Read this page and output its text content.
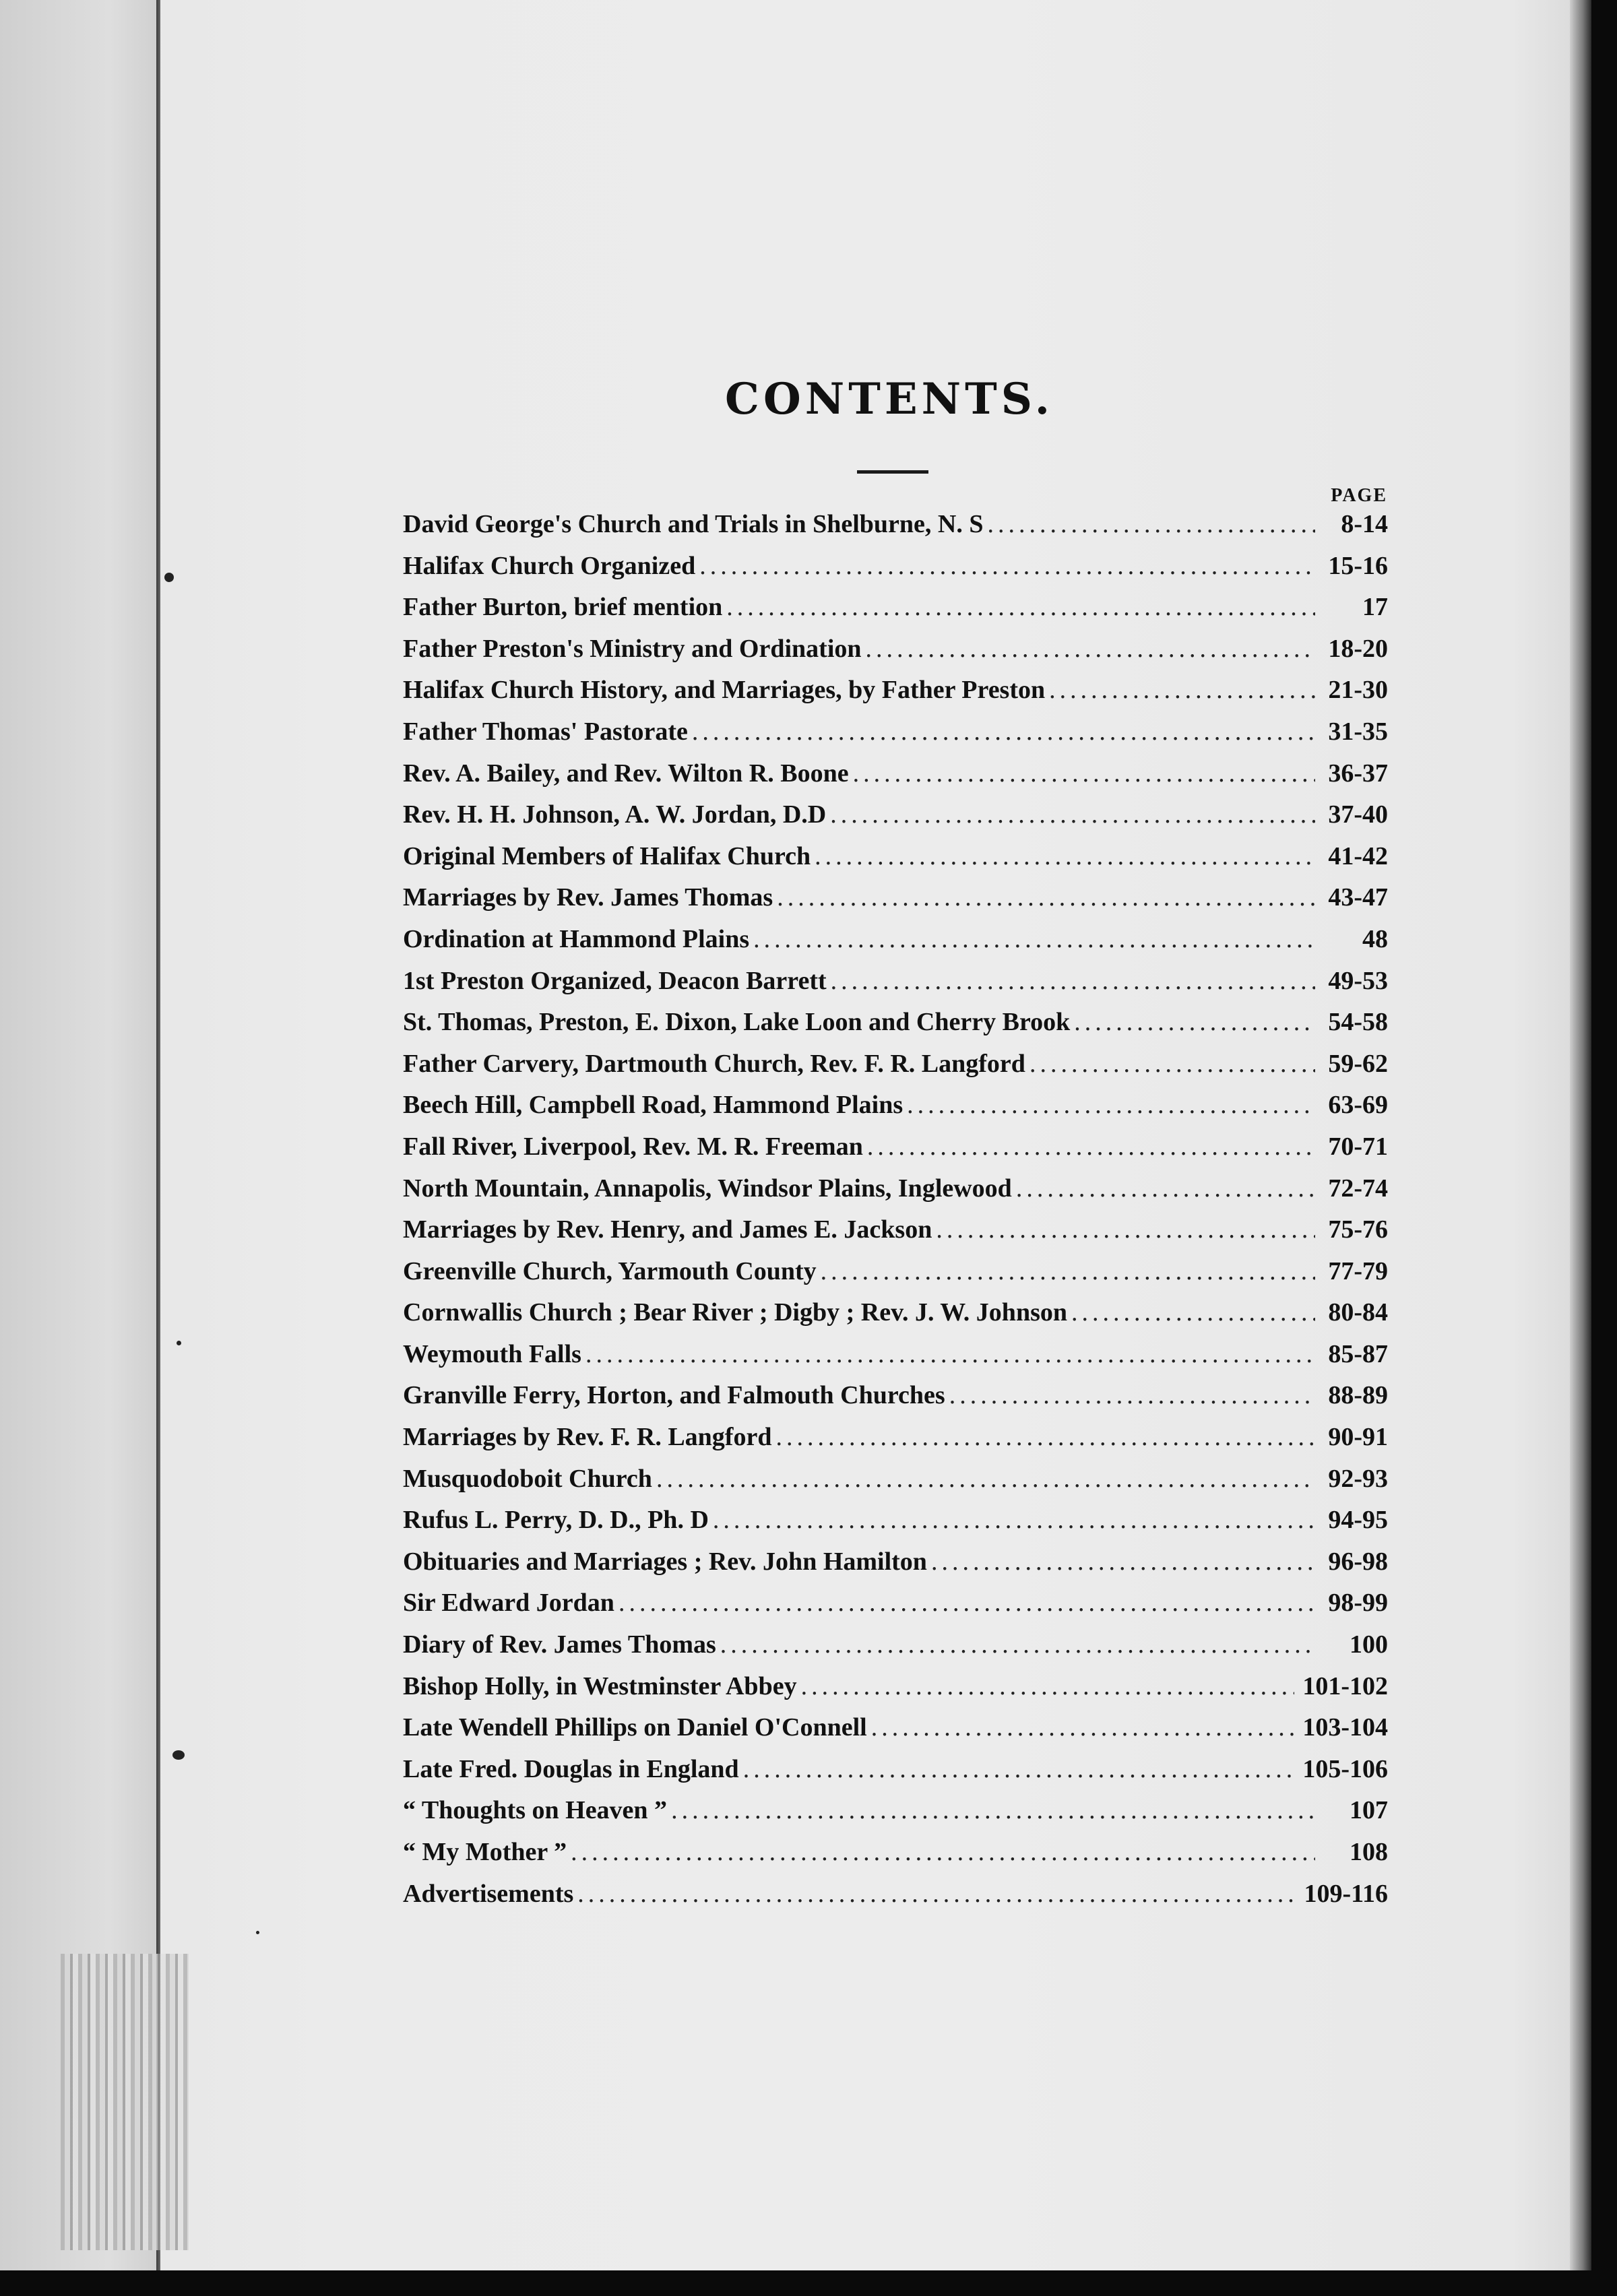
CONTENTS.
PAGE
David George's Church and Trials in Shelburne, N. S .....	8-14
Halifax Church Organized .....	15-16
Father Burton, brief mention .....	17
Father Preston's Ministry and Ordination .....	18-20
Halifax Church History, and Marriages, by Father Preston .....	21-30
Father Thomas' Pastorate .....	31-35
Rev. A. Bailey, and Rev. Wilton R. Boone .....	36-37
Rev. H. H. Johnson, A. W. Jordan, D.D .....	37-40
Original Members of Halifax Church .....	41-42
Marriages by Rev. James Thomas .....	43-47
Ordination at Hammond Plains .....	48
1st Preston Organized, Deacon Barrett .....	49-53
St. Thomas, Preston, E. Dixon, Lake Loon and Cherry Brook .....	54-58
Father Carvery, Dartmouth Church, Rev. F. R. Langford .....	59-62
Beech Hill, Campbell Road, Hammond Plains .....	63-69
Fall River, Liverpool, Rev. M. R. Freeman .....	70-71
North Mountain, Annapolis, Windsor Plains, Inglewood .....	72-74
Marriages by Rev. Henry, and James E. Jackson .....	75-76
Greenville Church, Yarmouth County .....	77-79
Cornwallis Church ; Bear River ; Digby ; Rev. J. W. Johnson .....	80-84
Weymouth Falls .....	85-87
Granville Ferry, Horton, and Falmouth Churches .....	88-89
Marriages by Rev. F. R. Langford .....	90-91
Musquodoboit Church .....	92-93
Rufus L. Perry, D. D., Ph. D .....	94-95
Obituaries and Marriages ; Rev. John Hamilton .....	96-98
Sir Edward Jordan .....	98-99
Diary of Rev. James Thomas .....	100
Bishop Holly, in Westminster Abbey .....	101-102
Late Wendell Phillips on Daniel O'Connell .....	103-104
Late Fred. Douglas in England .....	105-106
“ Thoughts on Heaven ” .....	107
“ My Mother ” .....	108
Advertisements .....	109-116
